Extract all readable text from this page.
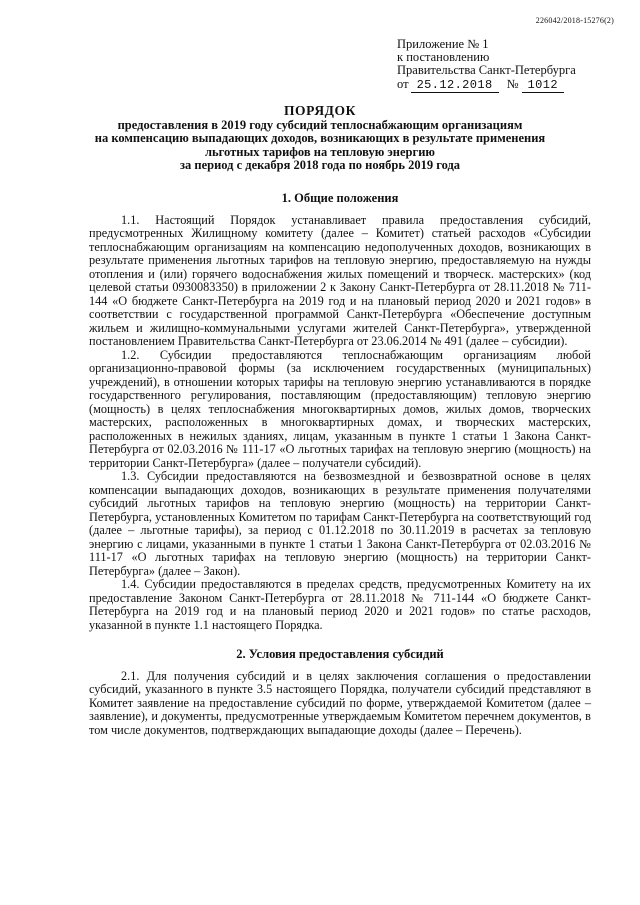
226042/2018-15276(2)
Приложение № 1
к постановлению
Правительства Санкт-Петербурга
от 25.12.2018 № 1012
ПОРЯДОК
предоставления в 2019 году субсидий теплоснабжающим организациям
на компенсацию выпадающих доходов, возникающих в результате применения
льготных тарифов на тепловую энергию
за период с декабря 2018 года по ноябрь 2019 года
1. Общие положения

1.1. Настоящий Порядок устанавливает правила предоставления субсидий, предусмотренных Жилищному комитету (далее – Комитет) статьей расходов «Субсидии теплоснабжающим организациям на компенсацию недополученных доходов, возникающих в результате применения льготных тарифов на тепловую энергию, предоставляемую на нужды отопления и (или) горячего водоснабжения жилых помещений и творческ. мастерских» (код целевой статьи 0930083350) в приложении 2 к Закону Санкт-Петербурга от 28.11.2018 № 711-144 «О бюджете Санкт-Петербурга на 2019 год и на плановый период 2020 и 2021 годов» в соответствии с государственной программой Санкт-Петербурга «Обеспечение доступным жильем и жилищно-коммунальными услугами жителей Санкт-Петербурга», утвержденной постановлением Правительства Санкт-Петербурга от 23.06.2014 № 491 (далее – субсидии).

1.2. Субсидии предоставляются теплоснабжающим организациям любой организационно-правовой формы (за исключением государственных (муниципальных) учреждений), в отношении которых тарифы на тепловую энергию устанавливаются в порядке государственного регулирования, поставляющим (предоставляющим) тепловую энергию (мощность) в целях теплоснабжения многоквартирных домов, жилых домов, творческих мастерских, расположенных в многоквартирных домах, и творческих мастерских, расположенных в нежилых зданиях, лицам, указанным в пункте 1 статьи 1 Закона Санкт-Петербурга от 02.03.2016 № 111-17 «О льготных тарифах на тепловую энергию (мощность) на территории Санкт-Петербурга» (далее – получатели субсидий).

1.3. Субсидии предоставляются на безвозмездной и безвозвратной основе в целях компенсации выпадающих доходов, возникающих в результате применения получателями субсидий льготных тарифов на тепловую энергию (мощность) на территории Санкт-Петербурга, установленных Комитетом по тарифам Санкт-Петербурга на соответствующий год (далее – льготные тарифы), за период с 01.12.2018 по 30.11.2019 в расчетах за тепловую энергию с лицами, указанными в пункте 1 статьи 1 Закона Санкт-Петербурга от 02.03.2016 № 111-17 «О льготных тарифах на тепловую энергию (мощность) на территории Санкт-Петербурга» (далее – Закон).

1.4. Субсидии предоставляются в пределах средств, предусмотренных Комитету на их предоставление Законом Санкт-Петербурга от 28.11.2018 № 711-144 «О бюджете Санкт-Петербурга на 2019 год и на плановый период 2020 и 2021 годов» по статье расходов, указанной в пункте 1.1 настоящего Порядка.

2. Условия предоставления субсидий

2.1. Для получения субсидий и в целях заключения соглашения о предоставлении субсидий, указанного в пункте 3.5 настоящего Порядка, получатели субсидий представляют в Комитет заявление на предоставление субсидий по форме, утверждаемой Комитетом (далее – заявление), и документы, предусмотренные утверждаемым Комитетом перечнем документов, в том числе документов, подтверждающих выпадающие доходы (далее – Перечень).
